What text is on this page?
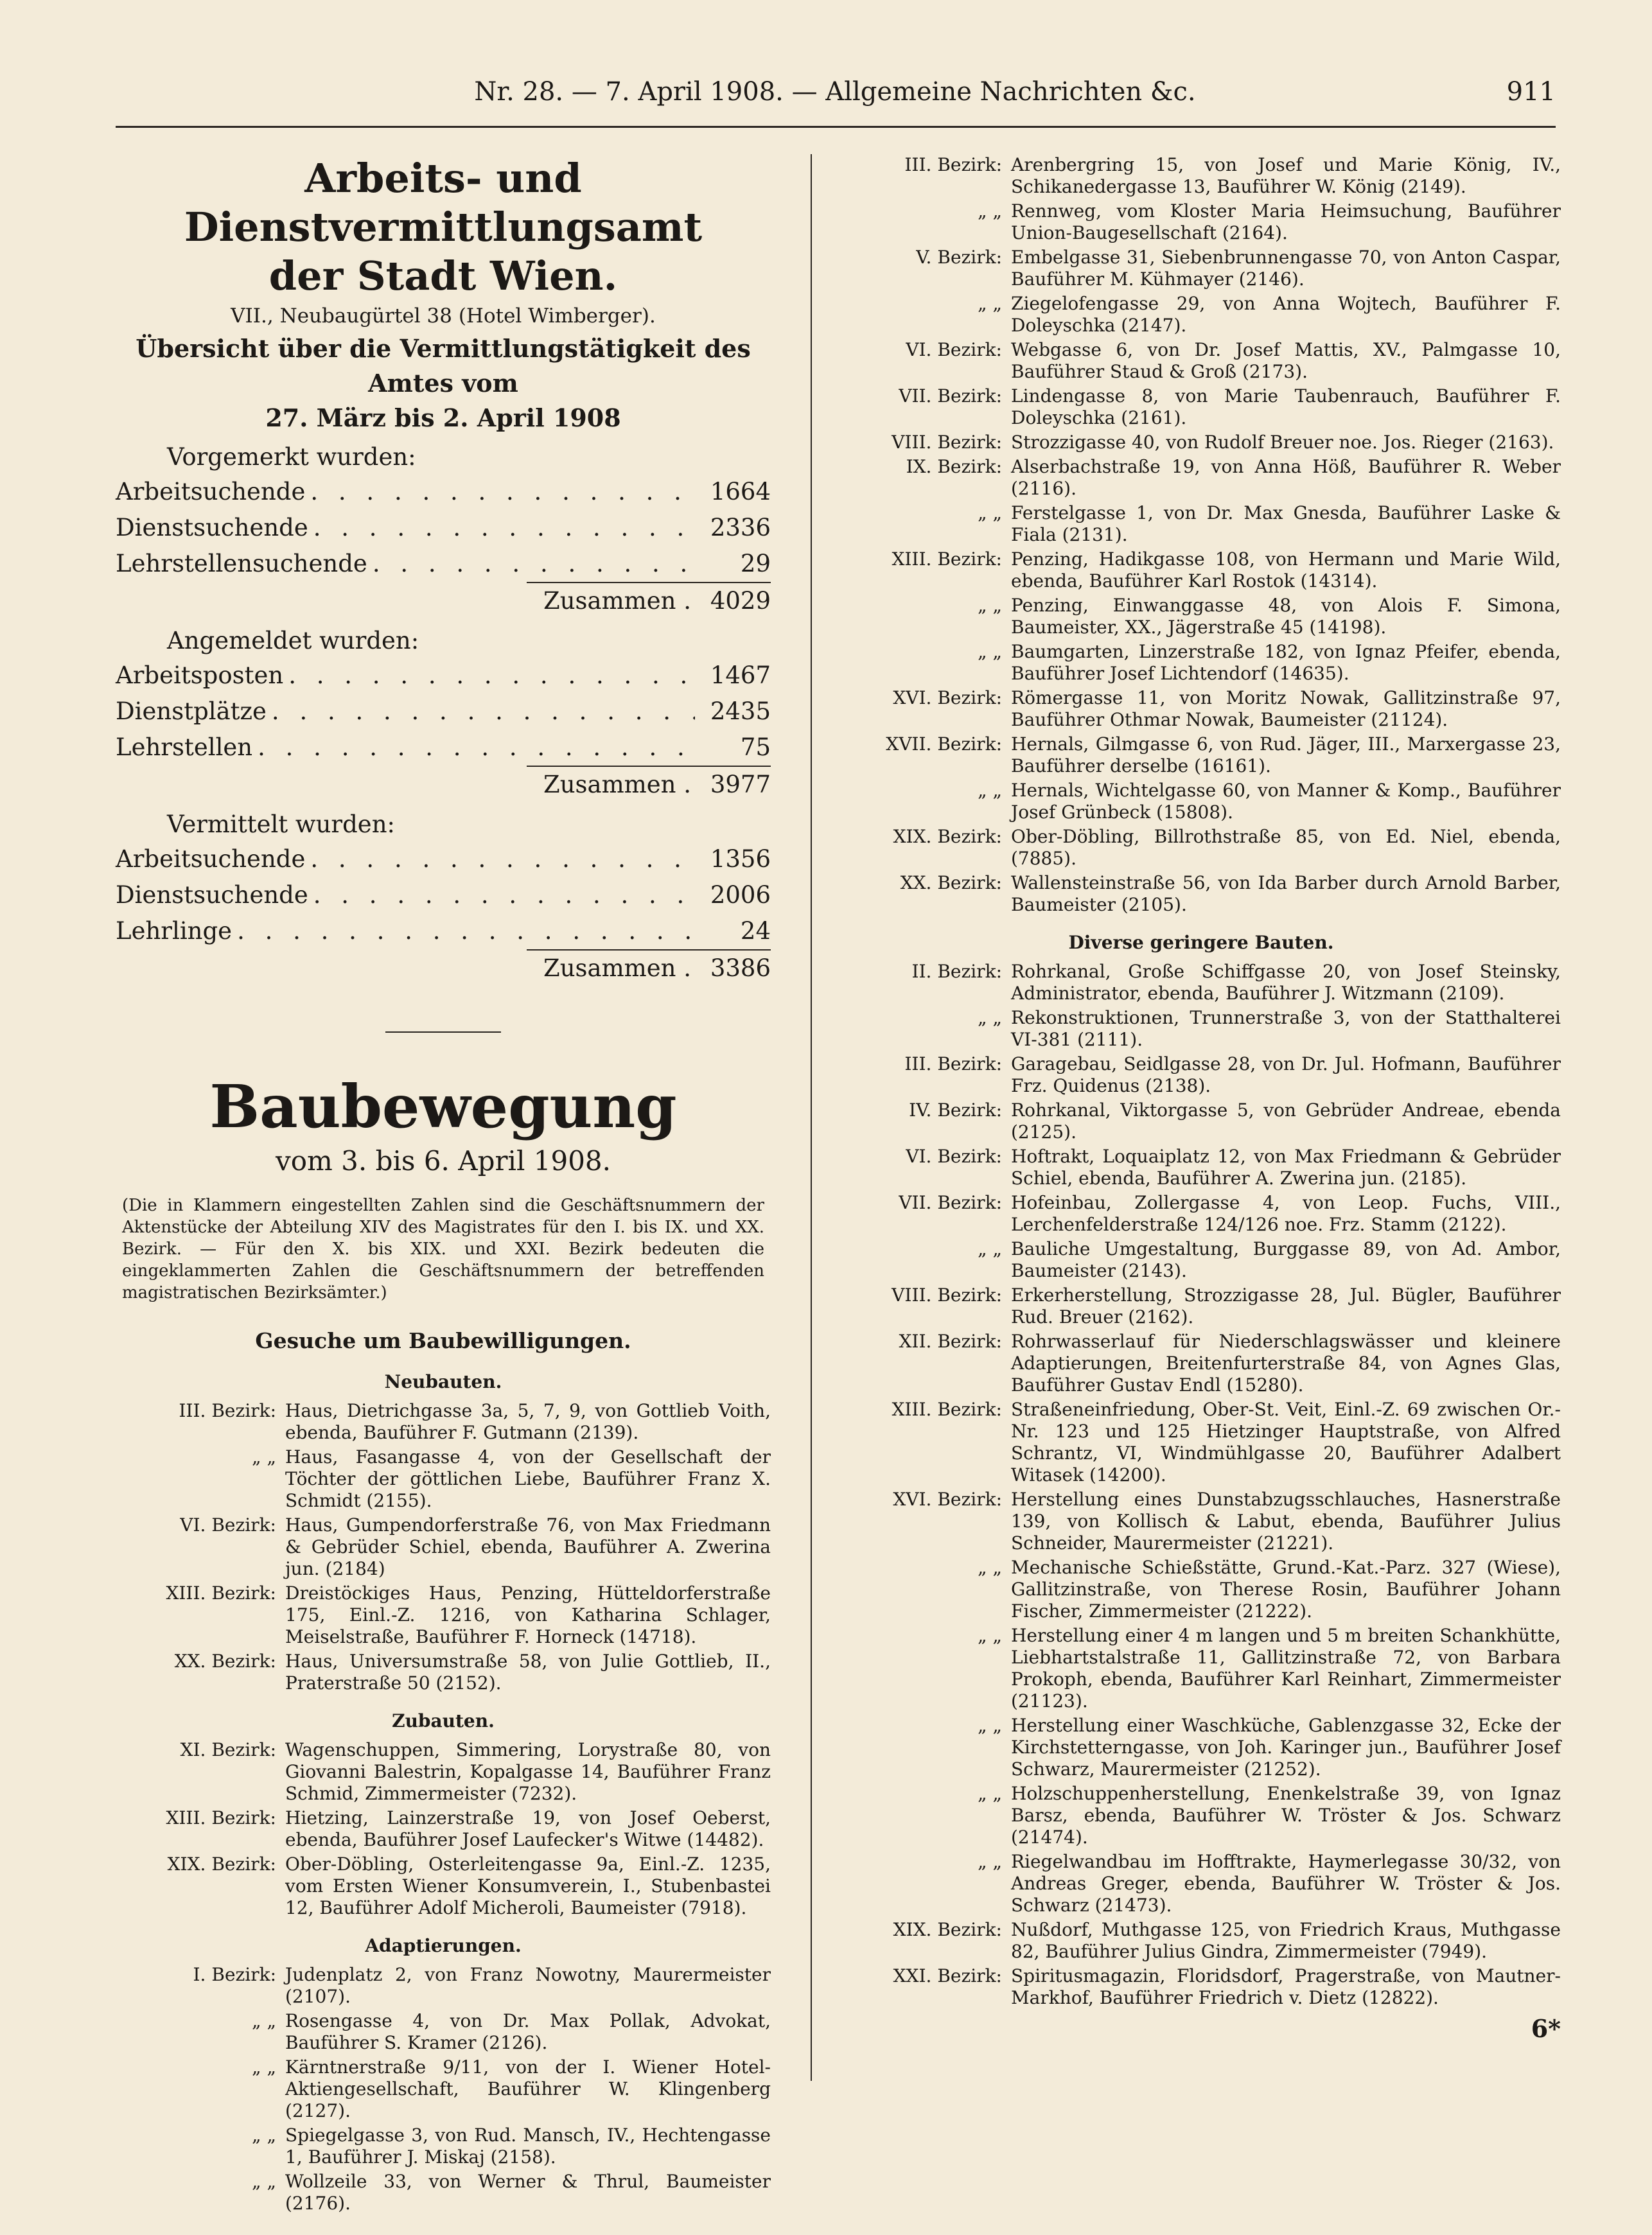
Nr. 28. — 7. April 1908. — Allgemeine Nachrichten &c.	911
Arbeits- und Dienstvermittlungsamt
der Stadt Wien.
VII., Neubaugürtel 38 (Hotel Wimberger).
Übersicht über die Vermittlungstätigkeit des Amtes vom
27. März bis 2. April 1908
Vorgemerkt wurden:
Arbeitsuchende . . .	1664
Dienstsuchende . . .	2336
Lehrstellensuchende . . .	29
Zusammen . 4029
Angemeldet wurden:
Arbeitsposten . . .	1467
Dienstplätze . . .	2435
Lehrstellen . . .	75
Zusammen . 3977
Vermittelt wurden:
Arbeitsuchende . . .	1356
Dienstsuchende . . .	2006
Lehrlinge . . .	24
Zusammen . 3386
Baubewegung
vom 3. bis 6. April 1908.
(Die in Klammern eingestellten Zahlen sind die Geschäftsnummern der Aktenstücke der Abteilung XIV des Magistrates für den I. bis IX. und XX. Bezirk. — Für den X. bis XIX. und XXI. Bezirk bedeuten die eingeklammerten Zahlen die Geschäftsnummern der betreffenden magistratischen Bezirksämter.)
Gesuche um Baubewilligungen.
Neubauten.
III. Bezirk: Haus, Dietrichgasse 3a, 5, 7, 9, von Gottlieb Voith, ebenda, Bauführer F. Gutmann (2139).
„ „ Haus, Fasangasse 4, von der Gesellschaft der Töchter der göttlichen Liebe, Bauführer Franz X. Schmidt (2155).
VI. Bezirk: Haus, Gumpendorferstraße 76, von Max Friedmann & Gebrüder Schiel, ebenda, Bauführer A. Zwerina jun. (2184)
XIII. Bezirk: Dreistöckiges Haus, Penzing, Hütteldorferstraße 175, Einl.-Z. 1216, von Katharina Schlager, Meiselstraße, Bauführer F. Horneck (14718).
XX. Bezirk: Haus, Universumstraße 58, von Julie Gottlieb, II., Praterstraße 50 (2152).
Zubauten.
XI. Bezirk: Wagenschuppen, Simmering, Lorystraße 80, von Giovanni Balestrin, Kopalgasse 14, Bauführer Franz Schmid, Zimmermeister (7232).
XIII. Bezirk: Hietzing, Lainzerstraße 19, von Josef Oeberst, ebenda, Bauführer Josef Laufecker's Witwe (14482).
XIX. Bezirk: Ober-Döbling, Osterleitengasse 9a, Einl.-Z. 1235, vom Ersten Wiener Konsumverein, I., Stubenbastei 12, Bauführer Adolf Micheroli, Baumeister (7918).
Adaptierungen.
I. Bezirk: Judenplatz 2, von Franz Nowotny, Maurermeister (2107).
„ „ Rosengasse 4, von Dr. Max Pollak, Advokat, Bauführer S. Kramer (2126).
„ „ Kärntnerstraße 9/11, von der I. Wiener Hotel-Aktiengesellschaft, Bauführer W. Klingenberg (2127).
„ „ Spiegelgasse 3, von Rud. Mansch, IV., Hechtengasse 1, Bauführer J. Miskaj (2158).
„ „ Wollzeile 33, von Werner & Thrul, Baumeister (2176).
III. Bezirk: Arenbergring 15, von Josef und Marie König, IV., Schikanedergasse 13, Bauführer W. König (2149).
„ „ Rennweg, vom Kloster Maria Heimsuchung, Bauführer Union-Baugesellschaft (2164).
V. Bezirk: Embelgasse 31, Siebenbrunnengasse 70, von Anton Caspar, Bauführer M. Kühmayer (2146).
„ „ Ziegelofengasse 29, von Anna Wojtech, Bauführer F. Doleyschka (2147).
VI. Bezirk: Webgasse 6, von Dr. Josef Mattis, XV., Palmgasse 10, Bauführer Staud & Groß (2173).
VII. Bezirk: Lindengasse 8, von Marie Taubenrauch, Bauführer F. Doleyschka (2161).
VIII. Bezirk: Strozzigasse 40, von Rudolf Breuer noe. Jos. Rieger (2163).
IX. Bezirk: Alserbachstraße 19, von Anna Höß, Bauführer R. Weber (2116).
„ „ Ferstelgasse 1, von Dr. Max Gnesda, Bauführer Laske & Fiala (2131).
XIII. Bezirk: Penzing, Hadikgasse 108, von Hermann und Marie Wild, ebenda, Bauführer Karl Rostok (14314).
„ „ Penzing, Einwanggasse 48, von Alois F. Simona, Baumeister, XX., Jägerstraße 45 (14198).
„ „ Baumgarten, Linzerstraße 182, von Ignaz Pfeifer, ebenda, Bauführer Josef Lichtendorf (14635).
XVI. Bezirk: Römergasse 11, von Moritz Nowak, Gallitzinstraße 97, Bauführer Othmar Nowak, Baumeister (21124).
XVII. Bezirk: Hernals, Gilmgasse 6, von Rud. Jäger, III., Marxergasse 23, Bauführer derselbe (16161).
„ „ Hernals, Wichtelgasse 60, von Manner & Komp., Bauführer Josef Grünbeck (15808).
XIX. Bezirk: Ober-Döbling, Billrothstraße 85, von Ed. Niel, ebenda, (7885).
XX. Bezirk: Wallensteinstraße 56, von Ida Barber durch Arnold Barber, Baumeister (2105).
Diverse geringere Bauten.
II. Bezirk: Rohrkanal, Große Schiffgasse 20, von Josef Steinsky, Administrator, ebenda, Bauführer J. Witzmann (2109).
„ „ Rekonstruktionen, Trunnerstraße 3, von der Statthalterei VI-381 (2111).
III. Bezirk: Garagebau, Seidlgasse 28, von Dr. Jul. Hofmann, Bauführer Frz. Quidenus (2138).
IV. Bezirk: Rohrkanal, Viktorgasse 5, von Gebrüder Andreae, ebenda (2125).
VI. Bezirk: Hoftrakt, Loquaiplatz 12, von Max Friedmann & Gebrüder Schiel, ebenda, Bauführer A. Zwerina jun. (2185).
VII. Bezirk: Hofeinbau, Zollergasse 4, von Leop. Fuchs, VIII., Lerchenfelderstraße 124/126 noe. Frz. Stamm (2122).
„ „ Bauliche Umgestaltung, Burggasse 89, von Ad. Ambor, Baumeister (2143).
VIII. Bezirk: Erkerherstellung, Strozzigasse 28, Jul. Bügler, Bauführer Rud. Breuer (2162).
XII. Bezirk: Rohrwasserlauf für Niederschlagswässer und kleinere Adaptierungen, Breitenfurterstraße 84, von Agnes Glas, Bauführer Gustav Endl (15280).
XIII. Bezirk: Straßeneinfriedung, Ober-St. Veit, Einl.-Z. 69 zwischen Or.-Nr. 123 und 125 Hietzinger Hauptstraße, von Alfred Schrantz, VI, Windmühlgasse 20, Bauführer Adalbert Witasek (14200).
XVI. Bezirk: Herstellung eines Dunstabzugsschlauches, Hasnerstraße 139, von Kollisch & Labut, ebenda, Bauführer Julius Schneider, Maurermeister (21221).
„ „ Mechanische Schießstätte, Grund.-Kat.-Parz. 327 (Wiese), Gallitzinstraße, von Therese Rosin, Bauführer Johann Fischer, Zimmermeister (21222).
„ „ Herstellung einer 4 m langen und 5 m breiten Schankhütte, Liebhartstalstraße 11, Gallitzinstraße 72, von Barbara Prokoph, ebenda, Bauführer Karl Reinhart, Zimmermeister (21123).
„ „ Herstellung einer Waschküche, Gablenzgasse 32, Ecke der Kirchstetterngasse, von Joh. Karinger jun., Bauführer Josef Schwarz, Maurermeister (21252).
„ „ Holzschuppenherstellung, Enenkelstraße 39, von Ignaz Barsz, ebenda, Bauführer W. Tröster & Jos. Schwarz (21474).
„ „ Riegelwandbau im Hofftrakte, Haymerlegasse 30/32, von Andreas Greger, ebenda, Bauführer W. Tröster & Jos. Schwarz (21473).
XIX. Bezirk: Nußdorf, Muthgasse 125, von Friedrich Kraus, Muthgasse 82, Bauführer Julius Gindra, Zimmermeister (7949).
XXI. Bezirk: Spiritusmagazin, Floridsdorf, Pragerstraße, von Mautner-Markhof, Bauführer Friedrich v. Dietz (12822).
6*
